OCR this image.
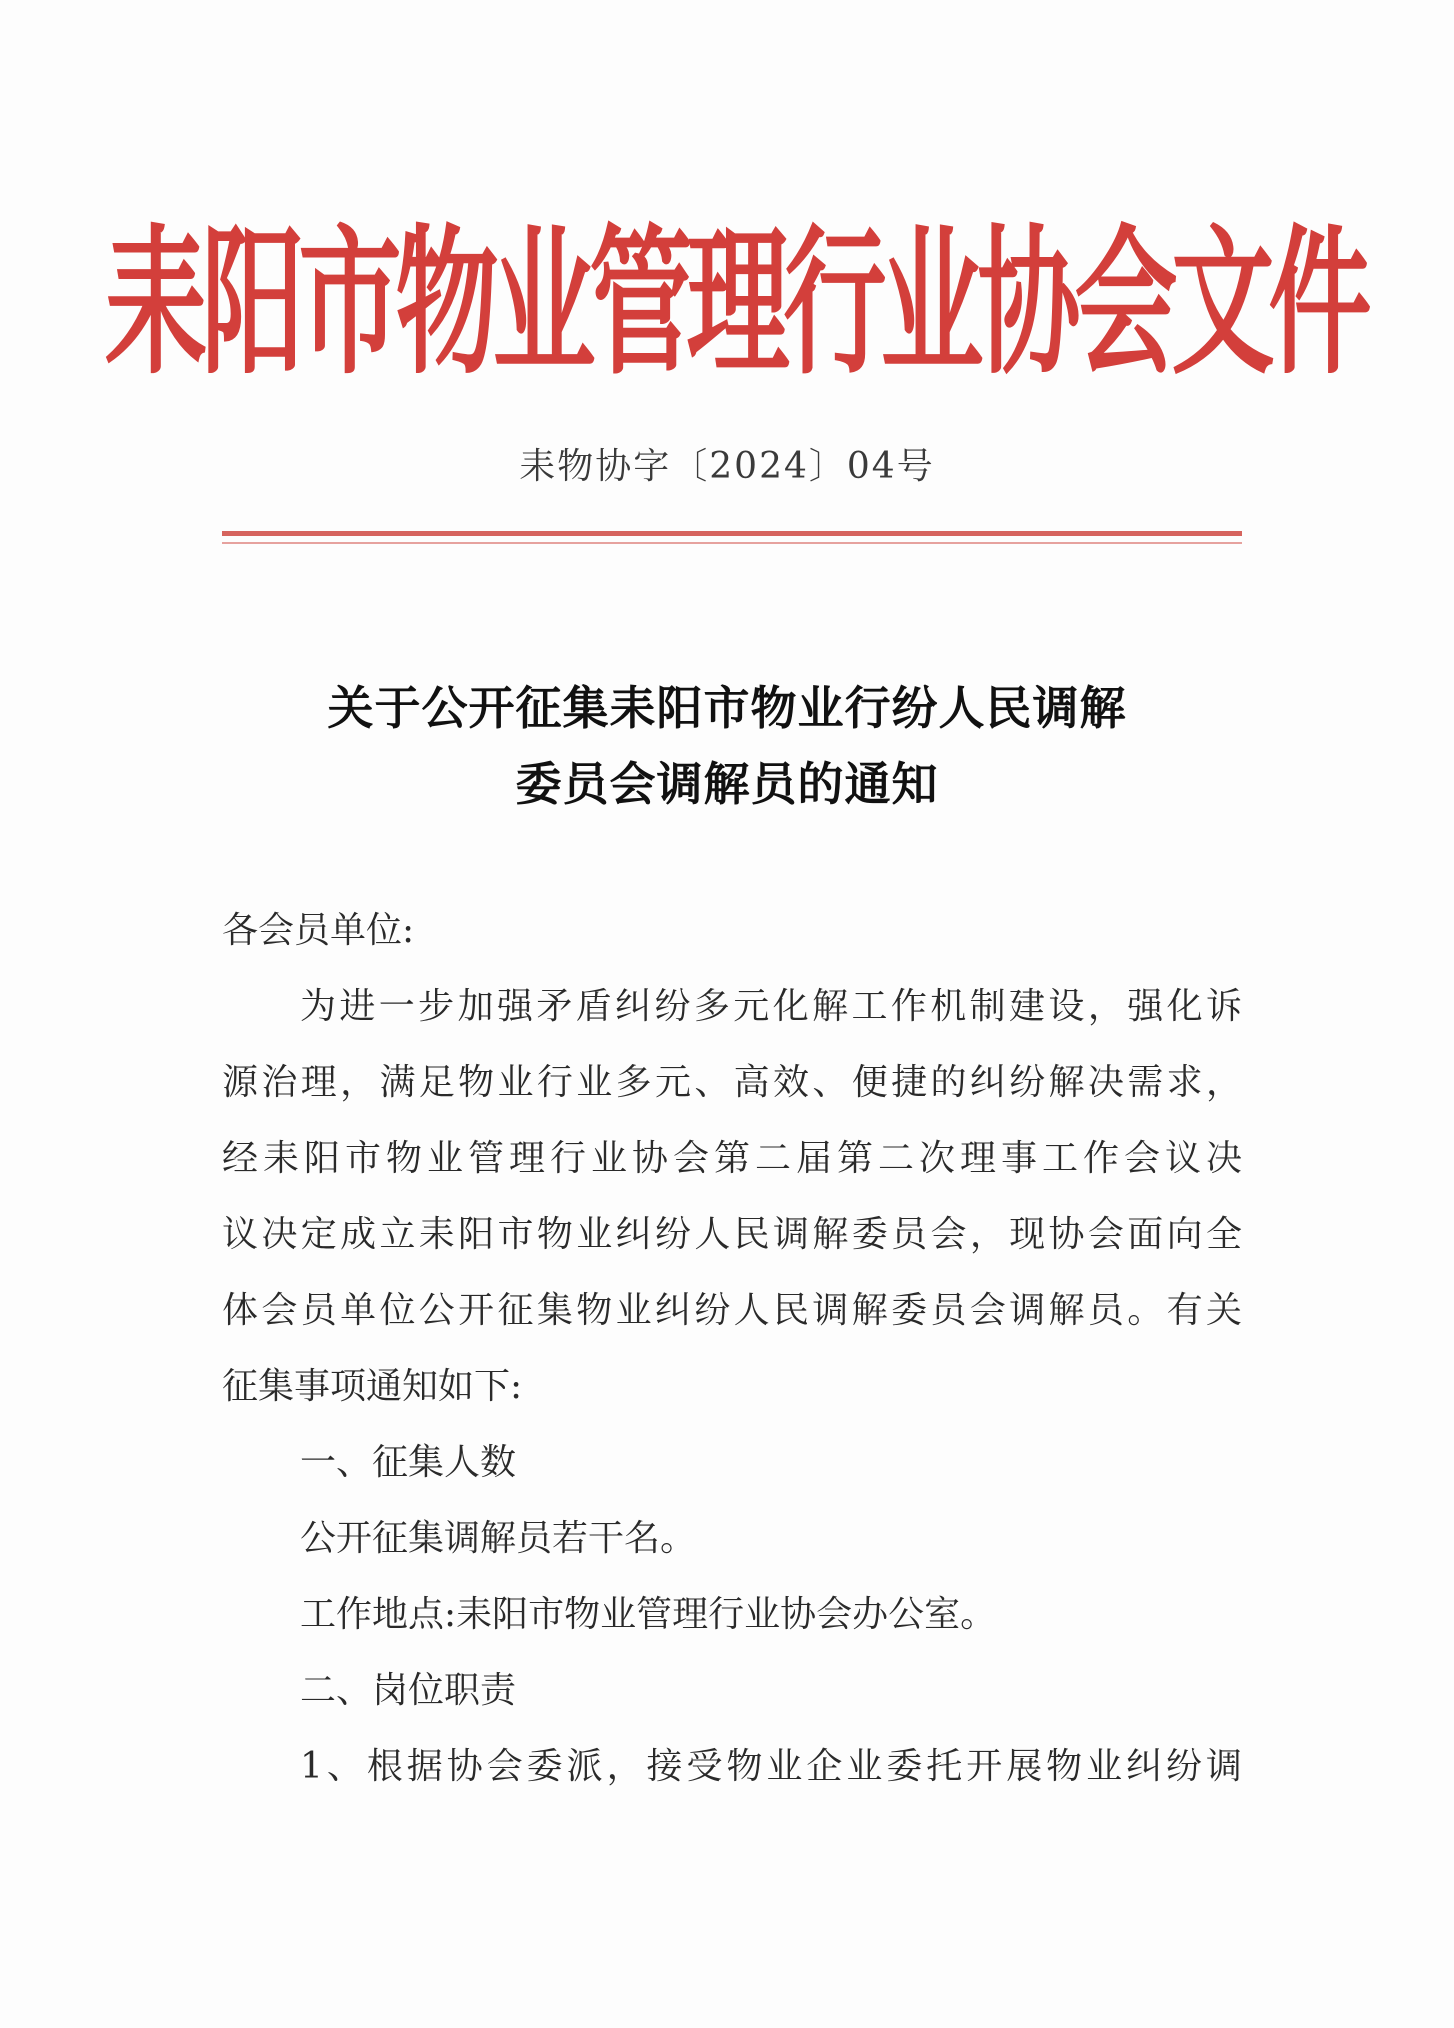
耒阳市物业管理行业协会文件
耒物协字〔2024〕04号
关于公开征集耒阳市物业行纷人民调解
委员会调解员的通知
各会员单位:
为进一步加强矛盾纠纷多元化解工作机制建设，强化诉
源治理，满足物业行业多元、高效、便捷的纠纷解决需求，
经耒阳市物业管理行业协会第二届第二次理事工作会议决
议决定成立耒阳市物业纠纷人民调解委员会，现协会面向全
体会员单位公开征集物业纠纷人民调解委员会调解员。有关
征集事项通知如下:
一、征集人数
公开征集调解员若干名。
工作地点:耒阳市物业管理行业协会办公室。
二、岗位职责
1、根据协会委派，接受物业企业委托开展物业纠纷调
